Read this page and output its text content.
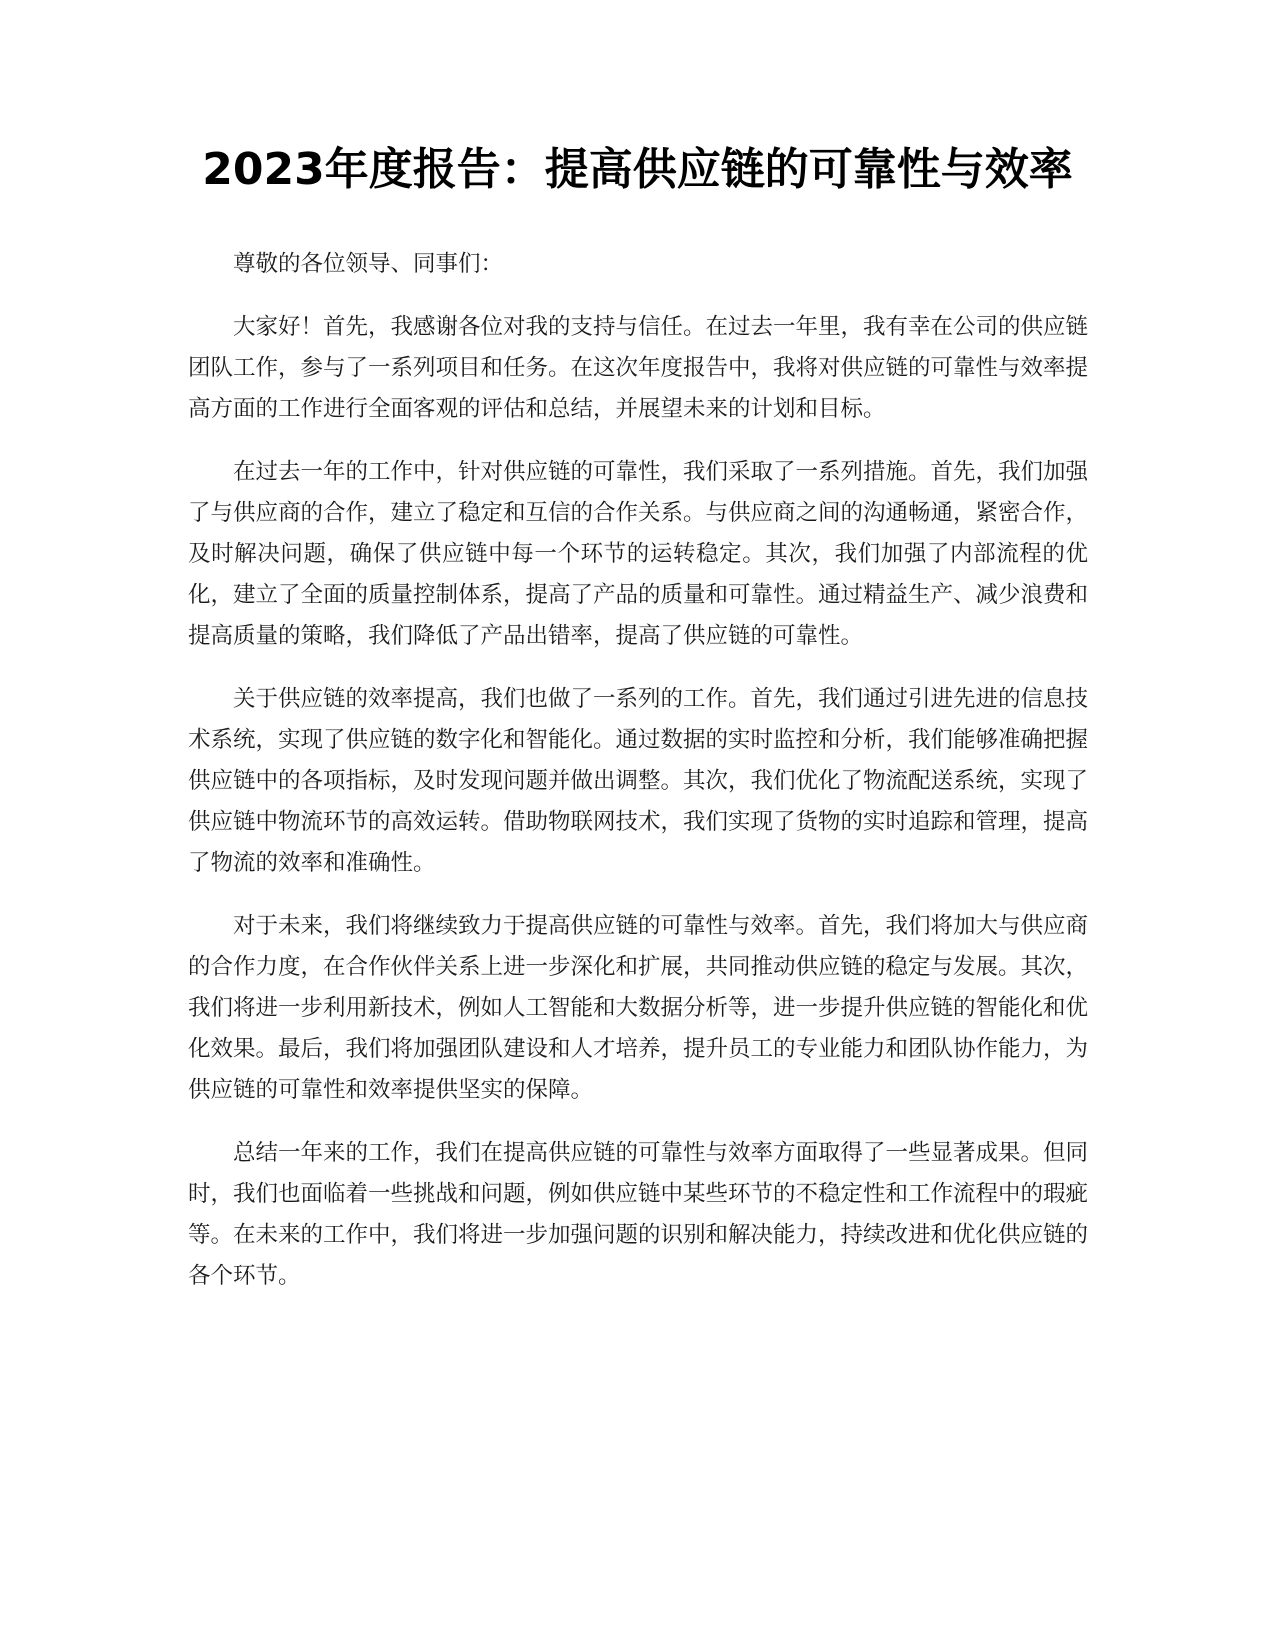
2023年度报告：提高供应链的可靠性与效率

尊敬的各位领导、同事们：

大家好！首先，我感谢各位对我的支持与信任。在过去一年里，我有幸在公司的供应链团队工作，参与了一系列项目和任务。在这次年度报告中，我将对供应链的可靠性与效率提高方面的工作进行全面客观的评估和总结，并展望未来的计划和目标。

在过去一年的工作中，针对供应链的可靠性，我们采取了一系列措施。首先，我们加强了与供应商的合作，建立了稳定和互信的合作关系。与供应商之间的沟通畅通，紧密合作，及时解决问题，确保了供应链中每一个环节的运转稳定。其次，我们加强了内部流程的优化，建立了全面的质量控制体系，提高了产品的质量和可靠性。通过精益生产、减少浪费和提高质量的策略，我们降低了产品出错率，提高了供应链的可靠性。

关于供应链的效率提高，我们也做了一系列的工作。首先，我们通过引进先进的信息技术系统，实现了供应链的数字化和智能化。通过数据的实时监控和分析，我们能够准确把握供应链中的各项指标，及时发现问题并做出调整。其次，我们优化了物流配送系统，实现了供应链中物流环节的高效运转。借助物联网技术，我们实现了货物的实时追踪和管理，提高了物流的效率和准确性。

对于未来，我们将继续致力于提高供应链的可靠性与效率。首先，我们将加大与供应商的合作力度，在合作伙伴关系上进一步深化和扩展，共同推动供应链的稳定与发展。其次，我们将进一步利用新技术，例如人工智能和大数据分析等，进一步提升供应链的智能化和优化效果。最后，我们将加强团队建设和人才培养，提升员工的专业能力和团队协作能力，为供应链的可靠性和效率提供坚实的保障。

总结一年来的工作，我们在提高供应链的可靠性与效率方面取得了一些显著成果。但同时，我们也面临着一些挑战和问题，例如供应链中某些环节的不稳定性和工作流程中的瑕疵等。在未来的工作中，我们将进一步加强问题的识别和解决能力，持续改进和优化供应链的各个环节。
